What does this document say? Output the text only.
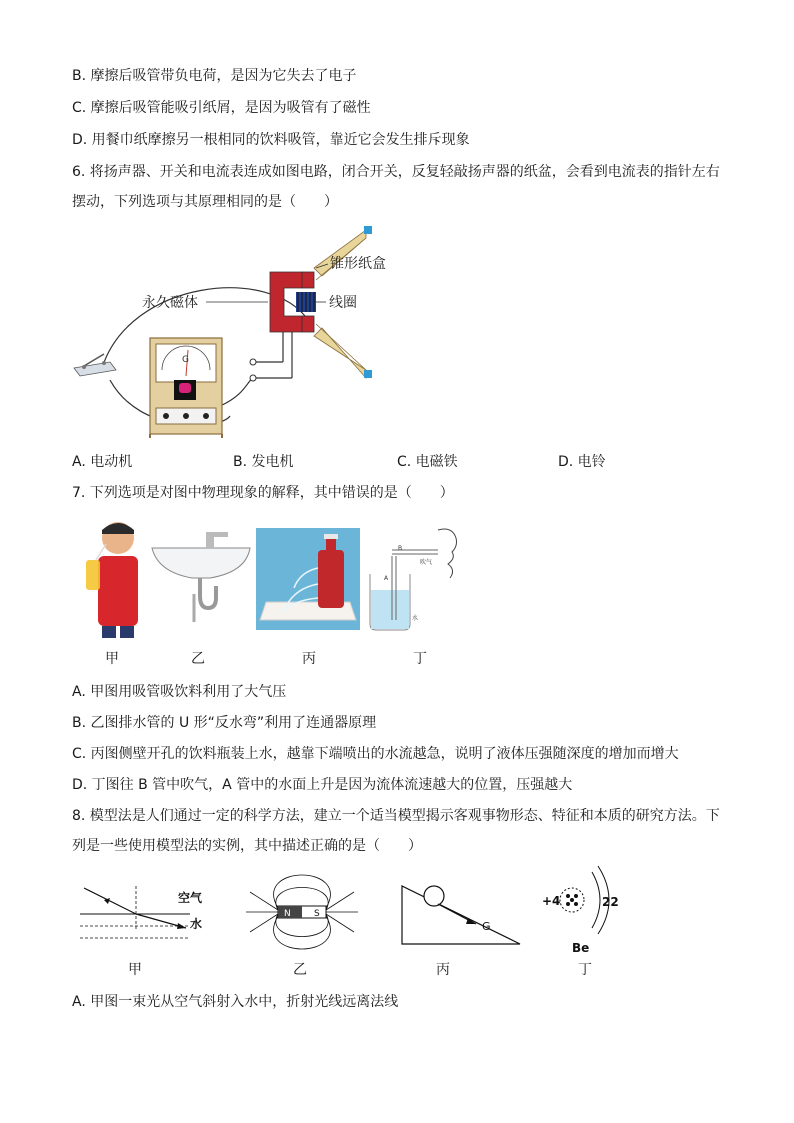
B. 摩擦后吸管带负电荷，是因为它失去了电子
C. 摩擦后吸管能吸引纸屑，是因为吸管有了磁性
D. 用餐巾纸摩擦另一根相同的饮料吸管，靠近它会发生排斥现象
6. 将扬声器、开关和电流表连成如图电路，闭合开关，反复轻敲扬声器的纸盆，会看到电流表的指针左右
摆动，下列选项与其原理相同的是（　　）
G
锥形纸盒
永久磁体	线圈
A. 电动机	B. 发电机	C. 电磁铁	D. 电铃
7. 下列选项是对图中物理现象的解释，其中错误的是（　　）
B
A
吹气
水
甲	乙	丙	丁
A. 甲图用吸管吸饮料利用了大气压
B. 乙图排水管的 U 形“反水弯”利用了连通器原理
C. 丙图侧壁开孔的饮料瓶装上水，越靠下端喷出的水流越急，说明了液体压强随深度的增加而增大
D. 丁图往 B 管中吹气，A 管中的水面上升是因为流体流速越大的位置，压强越大
8. 模型法是人们通过一定的科学方法，建立一个适当模型揭示客观事物形态、特征和本质的研究方法。下
列是一些使用模型法的实例，其中描述正确的是（　　）
空气
水
N	S
G
+4	22
Be
甲	乙	丙	丁
A. 甲图一束光从空气斜射入水中，折射光线远离法线
